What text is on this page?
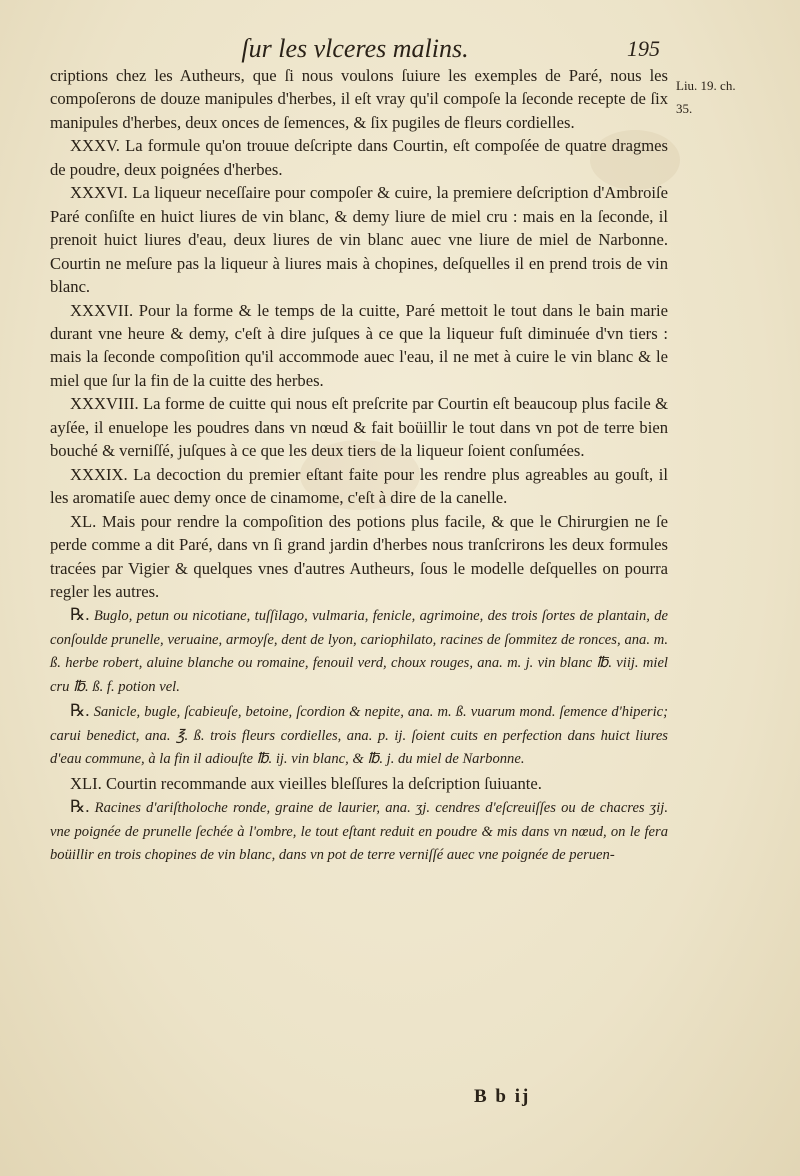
ſur les vlceres malins.	195
Liu. 19. ch.
35.

criptions chez les Autheurs, que ſi nous voulons ſuiure les exemples de Paré, nous les compoſerons de douze manipules d'herbes, il eſt vray qu'il compoſe la ſeconde recepte de ſix manipules d'herbes, deux onces de ſemences, & ſix pugiles de fleurs cordielles.

XXXV. La formule qu'on trouue deſcripte dans Courtin, eſt compoſée de quatre dragmes de poudre, deux poignées d'herbes.

XXXVI. La liqueur neceſſaire pour compoſer & cuire, la premiere deſcription d'Ambroiſe Paré conſiſte en huict liures de vin blanc, & demy liure de miel cru : mais en la ſeconde, il prenoit huict liures d'eau, deux liures de vin blanc auec vne liure de miel de Narbonne. Courtin ne meſure pas la liqueur à liures mais à chopines, deſquelles il en prend trois de vin blanc.

XXXVII. Pour la forme & le temps de la cuitte, Paré mettoit le tout dans le bain marie durant vne heure & demy, c'eſt à dire juſques à ce que la liqueur fuſt diminuée d'vn tiers : mais la ſeconde compoſition qu'il accommode auec l'eau, il ne met à cuire le vin blanc & le miel que ſur la fin de la cuitte des herbes.

XXXVIII. La forme de cuitte qui nous eſt preſcrite par Courtin eſt beaucoup plus facile & ayſée, il enuelope les poudres dans vn nœud & fait boüillir le tout dans vn pot de terre bien bouché & verniſſé, juſques à ce que les deux tiers de la liqueur ſoient conſumées.

XXXIX. La decoction du premier eſtant faite pour les rendre plus agreables au gouſt, il les aromatiſe auec demy once de cinamome, c'eſt à dire de la canelle.

XL. Mais pour rendre la compoſition des potions plus facile, & que le Chirurgien ne ſe perde comme a dit Paré, dans vn ſi grand jardin d'herbes nous tranſcrirons les deux formules tracées par Vigier & quelques vnes d'autres Autheurs, ſous le modelle deſquelles on pourra regler les autres.

℞. Buglo, petun ou nicotiane, tuſſilago, vulmaria, fenicle, agrimoine, des trois ſortes de plantain, de conſoulde prunelle, veruaine, armoyſe, dent de lyon, cariophilato, racines de ſommitez de ronces, ana. m. ß. herbe robert, aluine blanche ou romaine, fenouil verd, choux rouges, ana. m. j. vin blanc ℔. viij. miel cru ℔. ß. f. potion vel.

℞. Sanicle, bugle, ſcabieuſe, betoine, ſcordion & nepite, ana. m. ß. vuarum mond. ſemence d'hiperic; carui benedict, ana. ℥. ß. trois fleurs cordielles, ana. p. ij. ſoient cuits en perfection dans huict liures d'eau commune, à la fin il adiouſte ℔. ij. vin blanc, & ℔. j. du miel de Narbonne.

XLI. Courtin recommande aux vieilles bleſſures la deſcription ſuiuante.

℞. Racines d'ariſtholoche ronde, graine de laurier, ana. ʒj. cendres d'eſcreuiſſes ou de chacres ʒij. vne poignée de prunelle ſechée à l'ombre, le tout eſtant reduit en poudre & mis dans vn nœud, on le fera boüillir en trois chopines de vin blanc, dans vn pot de terre verniſſé auec vne poignée de peruen-

B b ij
